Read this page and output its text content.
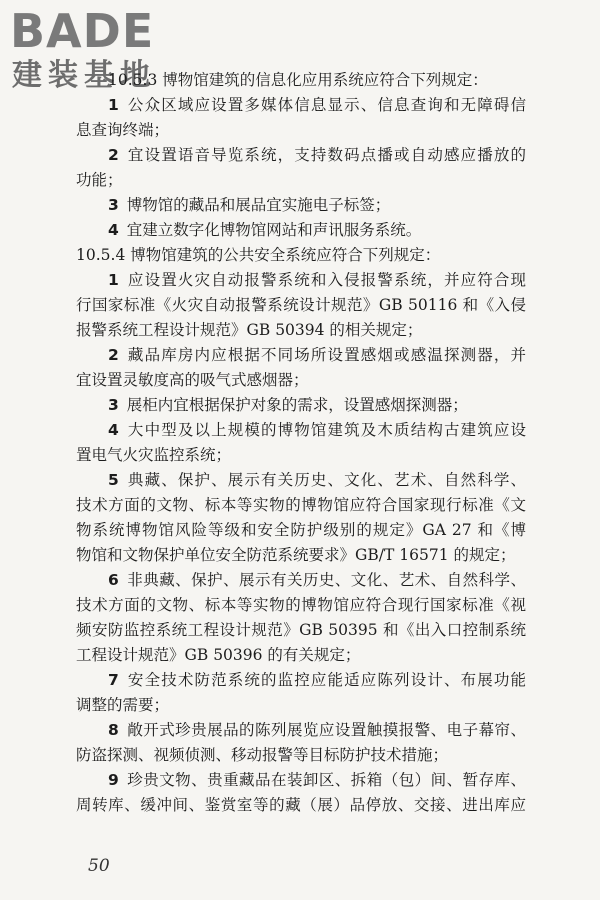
BADE
建装基地
10.5.3 博物馆建筑的信息化应用系统应符合下列规定：
1 公众区域应设置多媒体信息显示、信息查询和无障碍信
息查询终端；
2 宜设置语音导览系统，支持数码点播或自动感应播放的
功能；
3 博物馆的藏品和展品宜实施电子标签；
4 宜建立数字化博物馆网站和声讯服务系统。
10.5.4 博物馆建筑的公共安全系统应符合下列规定：
1 应设置火灾自动报警系统和入侵报警系统，并应符合现
行国家标准《火灾自动报警系统设计规范》GB 50116 和《入侵
报警系统工程设计规范》GB 50394 的相关规定；
2 藏品库房内应根据不同场所设置感烟或感温探测器，并
宜设置灵敏度高的吸气式感烟器；
3 展柜内宜根据保护对象的需求，设置感烟探测器；
4 大中型及以上规模的博物馆建筑及木质结构古建筑应设
置电气火灾监控系统；
5 典藏、保护、展示有关历史、文化、艺术、自然科学、
技术方面的文物、标本等实物的博物馆应符合国家现行标准《文
物系统博物馆风险等级和安全防护级别的规定》GA 27 和《博
物馆和文物保护单位安全防范系统要求》GB/T 16571 的规定；
6 非典藏、保护、展示有关历史、文化、艺术、自然科学、
技术方面的文物、标本等实物的博物馆应符合现行国家标准《视
频安防监控系统工程设计规范》GB 50395 和《出入口控制系统
工程设计规范》GB 50396 的有关规定；
7 安全技术防范系统的监控应能适应陈列设计、布展功能
调整的需要；
8 敞开式珍贵展品的陈列展览应设置触摸报警、电子幕帘、
防盗探测、视频侦测、移动报警等目标防护技术措施；
9 珍贵文物、贵重藏品在装卸区、拆箱（包）间、暂存库、
周转库、缓冲间、鉴赏室等的藏（展）品停放、交接、进出库应
50
